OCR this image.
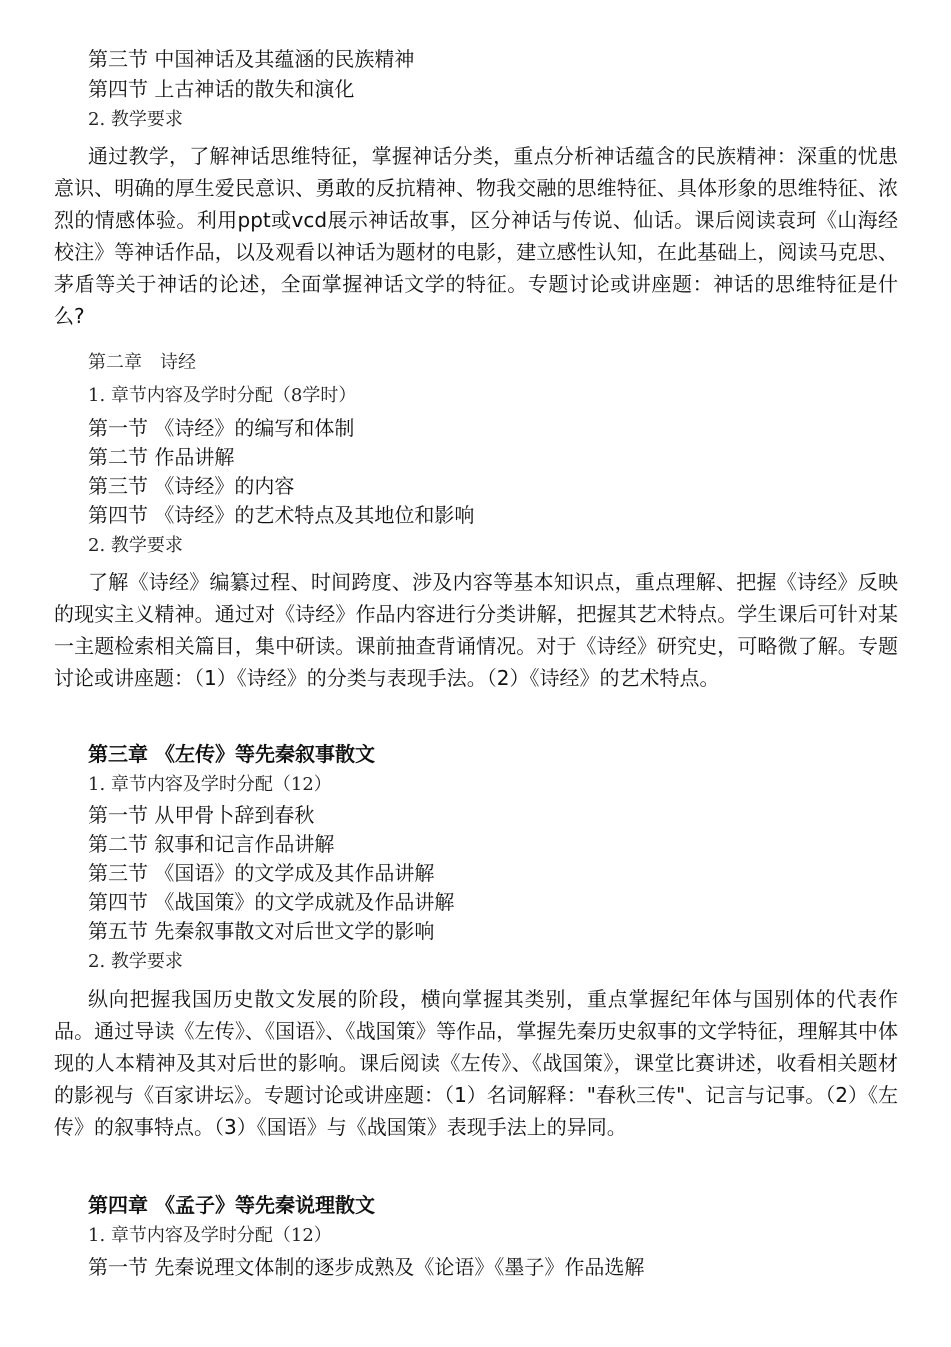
第三节 中国神话及其蕴涵的民族精神
第四节 上古神话的散失和演化
2. 教学要求
通过教学，了解神话思维特征，掌握神话分类，重点分析神话蕴含的民族精神：深重的忧患意识、明确的厚生爱民意识、勇敢的反抗精神、物我交融的思维特征、具体形象的思维特征、浓烈的情感体验。利用ppt或vcd展示神话故事，区分神话与传说、仙话。课后阅读袁珂《山海经校注》等神话作品，以及观看以神话为题材的电影，建立感性认知，在此基础上，阅读马克思、茅盾等关于神话的论述，全面掌握神话文学的特征。专题讨论或讲座题：神话的思维特征是什么?
第二章　诗经
1. 章节内容及学时分配（8学时）
第一节 《诗经》的编写和体制
第二节 作品讲解
第三节 《诗经》的内容
第四节 《诗经》的艺术特点及其地位和影响
2. 教学要求
了解《诗经》编纂过程、时间跨度、涉及内容等基本知识点，重点理解、把握《诗经》反映的现实主义精神。通过对《诗经》作品内容进行分类讲解，把握其艺术特点。学生课后可针对某一主题检索相关篇目，集中研读。课前抽查背诵情况。对于《诗经》研究史，可略微了解。专题讨论或讲座题：（1）《诗经》的分类与表现手法。（2）《诗经》的艺术特点。
第三章 《左传》等先秦叙事散文
1. 章节内容及学时分配（12）
第一节 从甲骨卜辞到春秋
第二节 叙事和记言作品讲解
第三节 《国语》的文学成及其作品讲解
第四节 《战国策》的文学成就及作品讲解
第五节 先秦叙事散文对后世文学的影响
2. 教学要求
纵向把握我国历史散文发展的阶段，横向掌握其类别，重点掌握纪年体与国别体的代表作品。通过导读《左传》、《国语》、《战国策》等作品，掌握先秦历史叙事的文学特征，理解其中体现的人本精神及其对后世的影响。课后阅读《左传》、《战国策》，课堂比赛讲述，收看相关题材的影视与《百家讲坛》。专题讨论或讲座题：（1）名词解释："春秋三传"、记言与记事。（2）《左传》的叙事特点。（3）《国语》与《战国策》表现手法上的异同。
第四章 《孟子》等先秦说理散文
1. 章节内容及学时分配（12）
第一节 先秦说理文体制的逐步成熟及《论语》《墨子》作品选解
